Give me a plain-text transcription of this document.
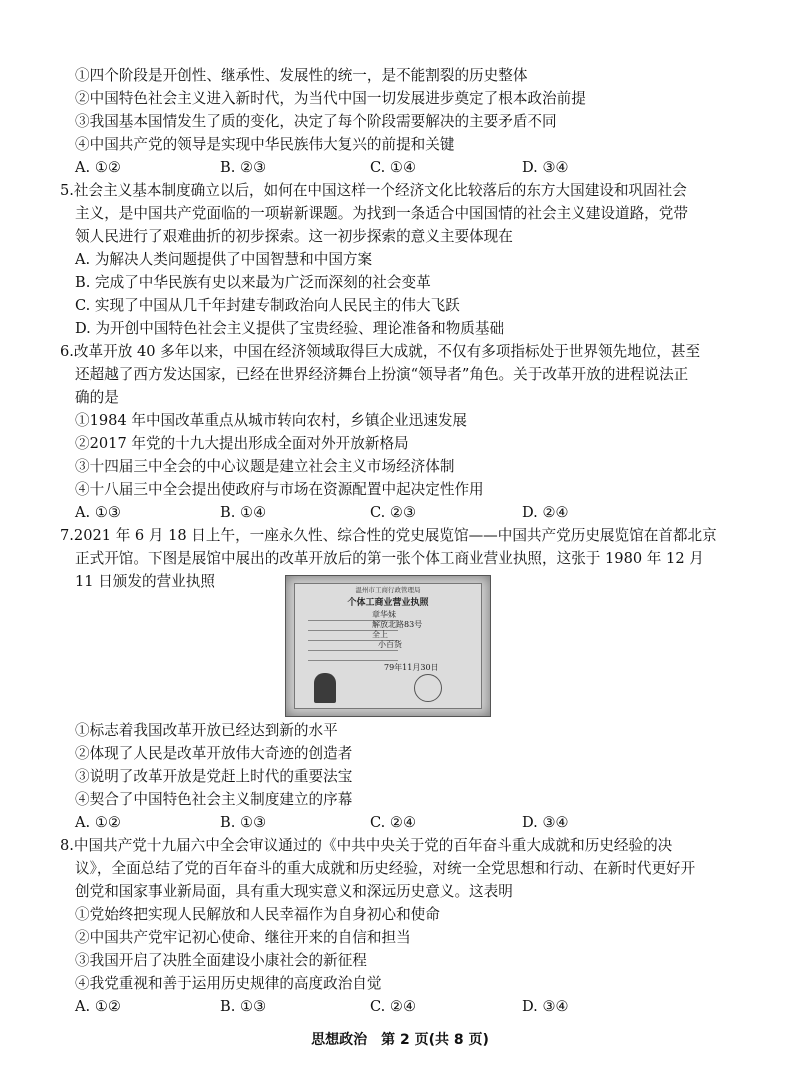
①四个阶段是开创性、继承性、发展性的统一，是不能割裂的历史整体
②中国特色社会主义进入新时代，为当代中国一切发展进步奠定了根本政治前提
③我国基本国情发生了质的变化，决定了每个阶段需要解决的主要矛盾不同
④中国共产党的领导是实现中华民族伟大复兴的前提和关键
A. ①②	B. ②③	C. ①④	D. ③④
5.社会主义基本制度确立以后，如何在中国这样一个经济文化比较落后的东方大国建设和巩固社会
主义，是中国共产党面临的一项崭新课题。为找到一条适合中国国情的社会主义建设道路，党带
领人民进行了艰难曲折的初步探索。这一初步探索的意义主要体现在
A. 为解决人类问题提供了中国智慧和中国方案
B. 完成了中华民族有史以来最为广泛而深刻的社会变革
C. 实现了中国从几千年封建专制政治向人民民主的伟大飞跃
D. 为开创中国特色社会主义提供了宝贵经验、理论准备和物质基础
6.改革开放 40 多年以来，中国在经济领域取得巨大成就，不仅有多项指标处于世界领先地位，甚至
还超越了西方发达国家，已经在世界经济舞台上扮演“领导者”角色。关于改革开放的进程说法正
确的是
①1984 年中国改革重点从城市转向农村，乡镇企业迅速发展
②2017 年党的十九大提出形成全面对外开放新格局
③十四届三中全会的中心议题是建立社会主义市场经济体制
④十八届三中全会提出使政府与市场在资源配置中起决定性作用
A. ①③	B. ①④	C. ②③	D. ②④
7.2021 年 6 月 18 日上午，一座永久性、综合性的党史展览馆——中国共产党历史展览馆在首都北京
正式开馆。下图是展馆中展出的改革开放后的第一张个体工商业营业执照，这张于 1980 年 12 月
11 日颁发的营业执照	温州市工商行政管理局
个体工商业营业执照
章华妹
解放北路83号
全上
小百货
79年11月30日
①标志着我国改革开放已经达到新的水平
②体现了人民是改革开放伟大奇迹的创造者
③说明了改革开放是党赶上时代的重要法宝
④契合了中国特色社会主义制度建立的序幕
A. ①②	B. ①③	C. ②④	D. ③④
8.中国共产党十九届六中全会审议通过的《中共中央关于党的百年奋斗重大成就和历史经验的决
议》，全面总结了党的百年奋斗的重大成就和历史经验，对统一全党思想和行动、在新时代更好开
创党和国家事业新局面，具有重大现实意义和深远历史意义。这表明
①党始终把实现人民解放和人民幸福作为自身初心和使命
②中国共产党牢记初心使命、继往开来的自信和担当
③我国开启了决胜全面建设小康社会的新征程
④我党重视和善于运用历史规律的高度政治自觉
A. ①②	B. ①③	C. ②④	D. ③④
思想政治　第 2 页(共 8 页)
